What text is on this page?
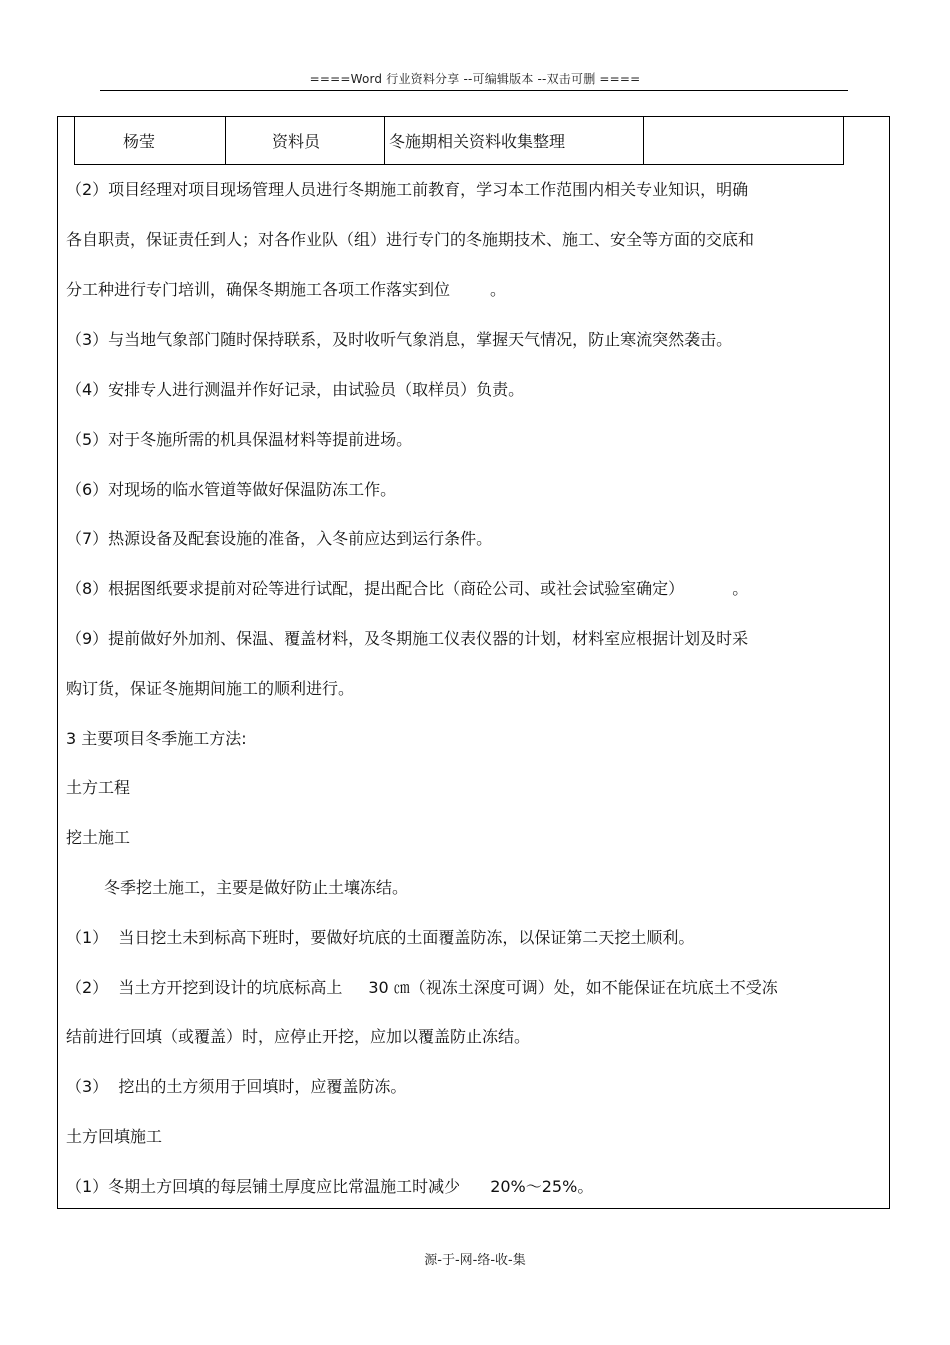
====Word 行业资料分享 --可编辑版本 --双击可删 ====
杨莹	资料员	冬施期相关资料收集整理	
（2）项目经理对项目现场管理人员进行冬期施工前教育，学习本工作范围内相关专业知识，明确
各自职责，保证责任到人；对各作业队（组）进行专门的冬施期技术、施工、安全等方面的交底和
分工种进行专门培训，确保冬期施工各项工作落实到位	。
（3）与当地气象部门随时保持联系，及时收听气象消息，掌握天气情况，防止寒流突然袭击。
（4）安排专人进行测温并作好记录，由试验员（取样员）负责。
（5）对于冬施所需的机具保温材料等提前进场。
（6）对现场的临水管道等做好保温防冻工作。
（7）热源设备及配套设施的准备，入冬前应达到运行条件。
（8）根据图纸要求提前对砼等进行试配，提出配合比（商砼公司、或社会试验室确定）	。
（9）提前做好外加剂、保温、覆盖材料，及冬期施工仪表仪器的计划，材料室应根据计划及时采
购订货，保证冬施期间施工的顺利进行。
3 主要项目冬季施工方法:
土方工程
挖土施工
冬季挖土施工，主要是做好防止土壤冻结。
（1）  当日挖土未到标高下班时，要做好坑底的土面覆盖防冻，以保证第二天挖土顺利。
（2）  当土方开挖到设计的坑底标高上 30 ㎝（视冻土深度可调）处，如不能保证在坑底土不受冻
结前进行回填（或覆盖）时，应停止开挖，应加以覆盖防止冻结。
（3）  挖出的土方须用于回填时，应覆盖防冻。
土方回填施工
（1）冬期土方回填的每层铺土厚度应比常温施工时减少 20%～25%。
源-于-网-络-收-集
